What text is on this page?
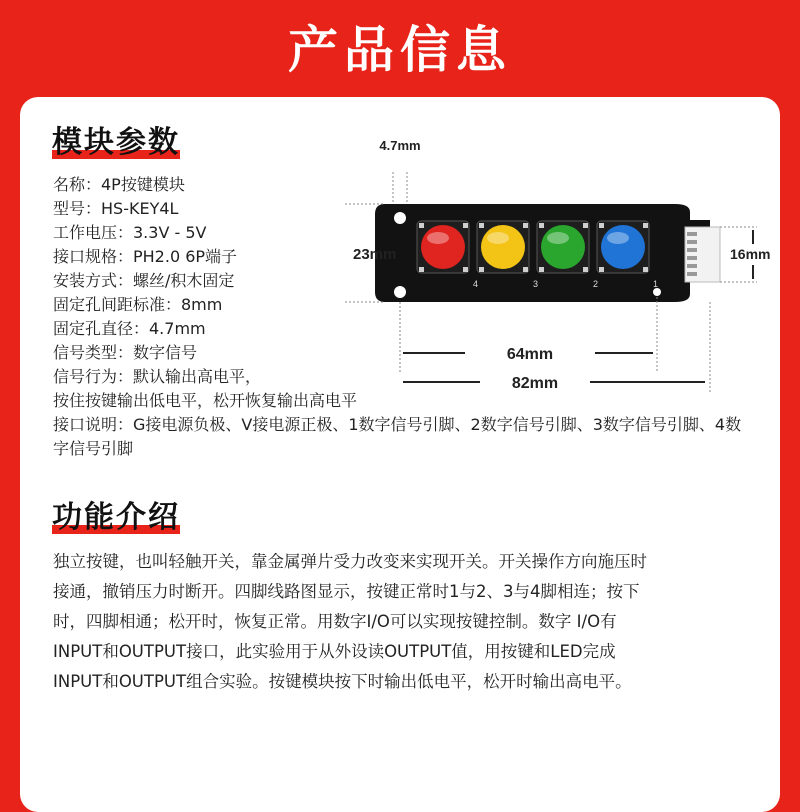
产品信息
模块参数
名称：4P按键模块
型号：HS-KEY4L
工作电压：3.3V - 5V
接口规格：PH2.0 6P端子
安装方式：螺丝/积木固定
固定孔间距标准：8mm
固定孔直径：4.7mm
信号类型：数字信号
信号行为：默认输出高电平，
按住按键输出低电平，松开恢复输出高电平
接口说明：G接电源负极、V接电源正极、1数字信号引脚、2数字信号引脚、3数字信号引脚、4数字信号引脚
4.7mm
4	3	2	1
23mm	16mm
64mm
82mm
功能介绍

独立按键，也叫轻触开关，靠金属弹片受力改变来实现开关。开关操作方向施压时

接通，撤销压力时断开。四脚线路图显示，按键正常时1与2、3与4脚相连；按下

时，四脚相通；松开时，恢复正常。用数字I/O可以实现按键控制。数字 I/O有

INPUT和OUTPUT接口，此实验用于从外设读OUTPUT值，用按键和LED完成

INPUT和OUTPUT组合实验。按键模块按下时输出低电平，松开时输出高电平。
